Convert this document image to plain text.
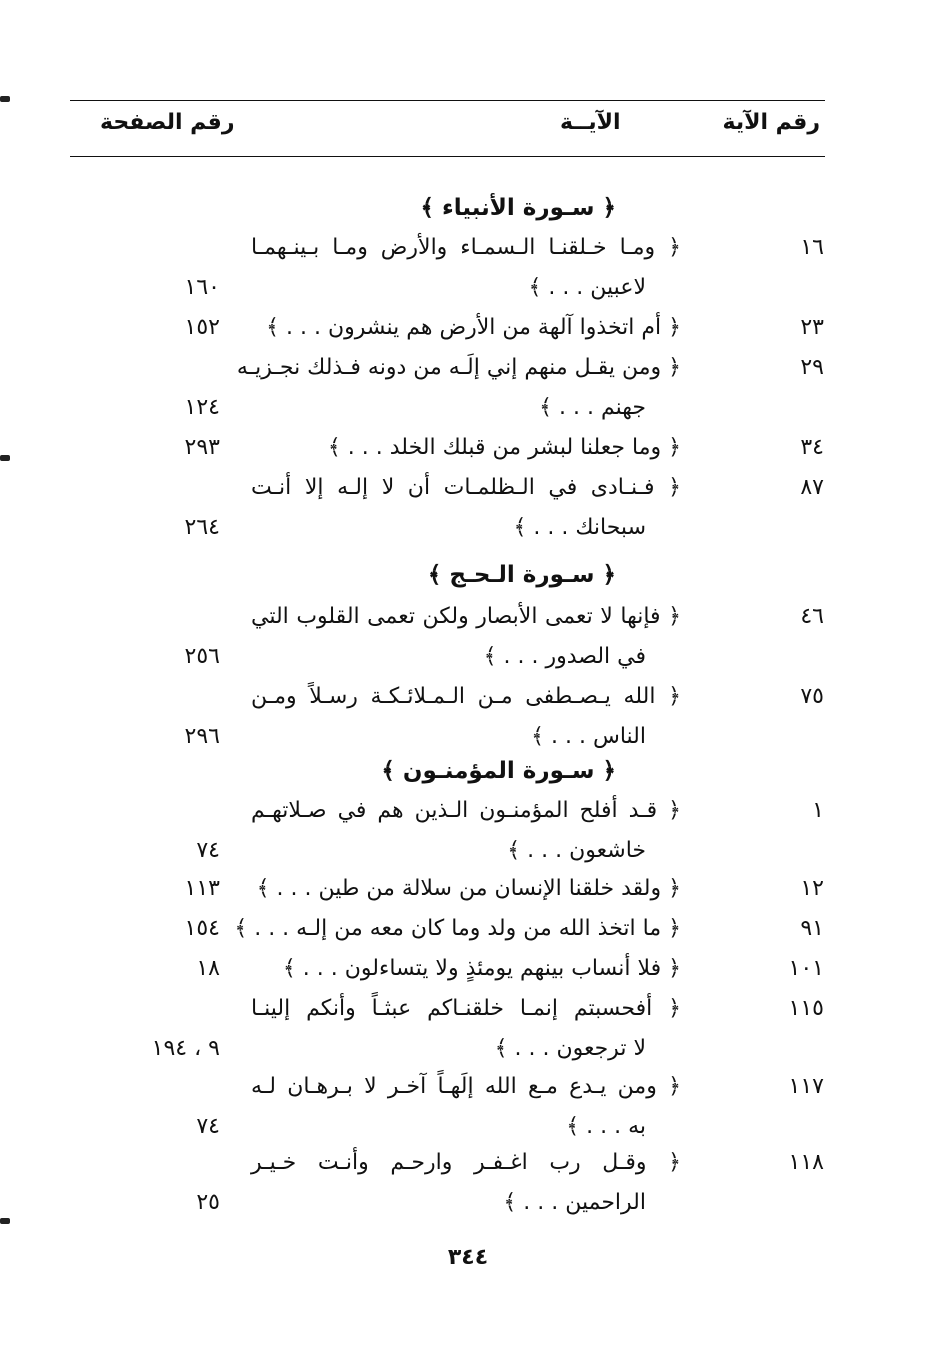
رقم الآية
الآيــة
رقم الصفحة
﴿ سـورة الأنبياء ﴾
١٦
﴿ ومـا خـلقنـا الـسمـاء والأرض ومـا بـينـهمـا
لاعبين . . . ﴾
١٦٠
٢٣
﴿ أم اتخذوا آلهة من الأرض هم ينشرون . . . ﴾
١٥٢
٢٩
﴿ ومن يقـل منهم إني إلَـه من دونه فـذلك نجـزيـه
جهنم . . . ﴾
١٢٤
٣٤
﴿ وما جعلنا لبشر من قبلك الخلد . . . ﴾
٢٩٣
٨٧
﴿ فـنـادى في الـظلمـات أن لا إلـه إلا أنـت
سبحانك . . . ﴾
٢٦٤
﴿ سـورة الـحـج ﴾
٤٦
﴿ فإنها لا تعمى الأبصار ولكن تعمى القلوب التي
في الصدور . . . ﴾
٢٥٦
٧٥
﴿ الله يـصـطفى مـن الـمـلائـكـة رسـلاً ومـن
الناس . . . ﴾
٢٩٦
﴿ سـورة المؤمنـون ﴾
١
﴿ قـد أفلح المؤمنـون الـذين هم في صـلاتهـم
خاشعون . . . ﴾
٧٤
١٢
﴿ ولقد خلقنا الإنسان من سلالة من طين . . . ﴾
١١٣
٩١
﴿ ما اتخذ الله من ولد وما كان معه من إلـه . . . ﴾
١٥٤
١٠١
﴿ فلا أنساب بينهم يومئذٍ ولا يتساءلون . . . ﴾
١٨
١١٥
﴿ أفحسبتم إنمـا خلقنـاكم عبثـاً وأنكم إلينـا
لا ترجعون . . . ﴾
٩ ، ١٩٤
١١٧
﴿ ومن يـدع مـع الله إلَهـاً آخـر لا بـرهـان لـه
به . . . ﴾
٧٤
١١٨
﴿ وقـل رب اغـفـر وارحـم وأنـت خـيـر
الراحمين . . . ﴾
٢٥
٣٤٤
